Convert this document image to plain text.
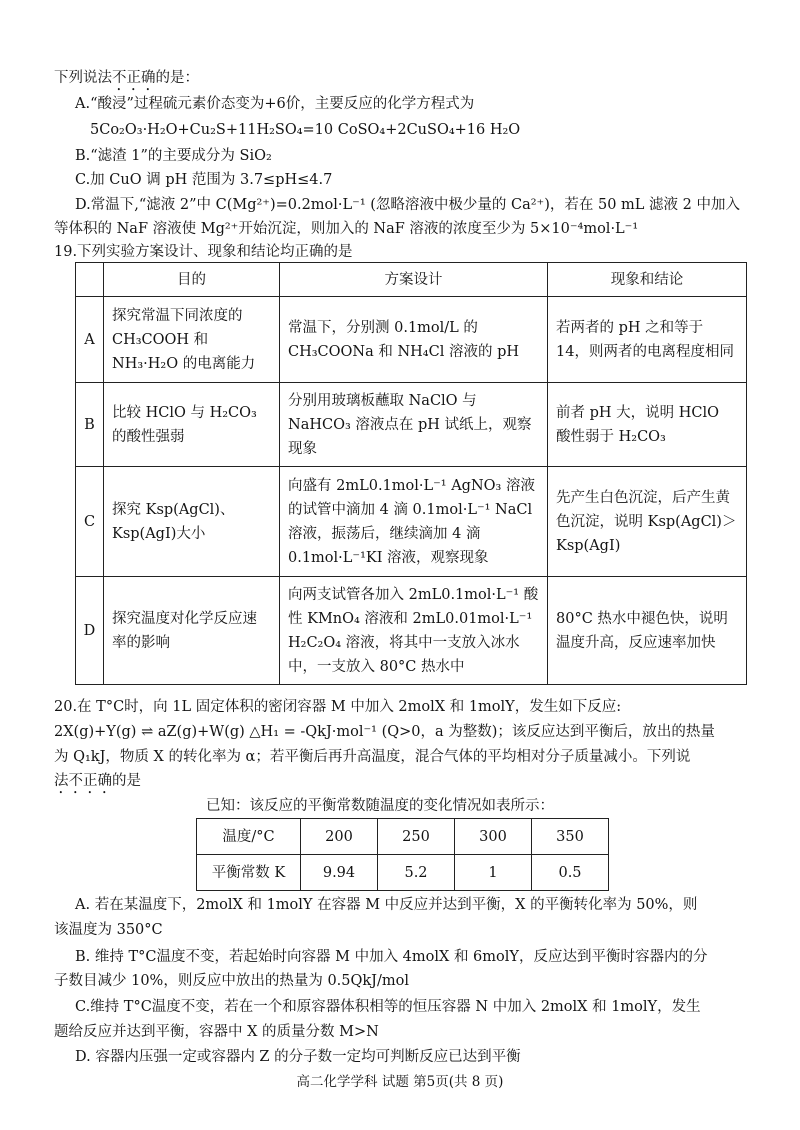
下列说法不正确的是：
A.“酸浸”过程硫元素价态变为+6价，主要反应的化学方程式为
5Co₂O₃·H₂O+Cu₂S+11H₂SO₄=10 CoSO₄+2CuSO₄+16 H₂O
B.“滤渣 1”的主要成分为 SiO₂
C.加 CuO 调 pH 范围为 3.7≤pH≤4.7
D.常温下,“滤液 2”中 C(Mg²⁺)=0.2mol·L⁻¹ (忽略溶液中极少量的 Ca²⁺)，若在 50 mL 滤液 2 中加入
等体积的 NaF 溶液使 Mg²⁺开始沉淀，则加入的 NaF 溶液的浓度至少为 5×10⁻⁴mol·L⁻¹
19.下列实验方案设计、现象和结论均正确的是
	目的	方案设计	现象和结论
A	探究常温下同浓度的 CH₃COOH 和 NH₃·H₂O 的电离能力	常温下，分别测 0.1mol/L 的 CH₃COONa 和 NH₄Cl 溶液的 pH	若两者的 pH 之和等于 14，则两者的电离程度相同
B	比较 HClO 与 H₂CO₃ 的酸性强弱	分别用玻璃板蘸取 NaClO 与 NaHCO₃ 溶液点在 pH 试纸上，观察现象	前者 pH 大，说明 HClO 酸性弱于 H₂CO₃
C	探究 Ksp(AgCl)、Ksp(AgI)大小	向盛有 2mL0.1mol·L⁻¹ AgNO₃ 溶液的试管中滴加 4 滴 0.1mol·L⁻¹ NaCl 溶液，振荡后，继续滴加 4 滴 0.1mol·L⁻¹KI 溶液，观察现象	先产生白色沉淀，后产生黄色沉淀，说明 Ksp(AgCl)＞Ksp(AgI)
D	探究温度对化学反应速率的影响	向两支试管各加入 2mL0.1mol·L⁻¹ 酸性 KMnO₄ 溶液和 2mL0.01mol·L⁻¹ H₂C₂O₄ 溶液，将其中一支放入冰水中，一支放入 80°C 热水中	80°C 热水中褪色快，说明温度升高，反应速率加快
20.在 T°C时，向 1L 固定体积的密闭容器 M 中加入 2molX 和 1molY，发生如下反应:
2X(g)+Y(g) ⇌ aZ(g)+W(g) △H₁ = -QkJ·mol⁻¹ (Q>0，a 为整数)；该反应达到平衡后，放出的热量
为 Q₁kJ，物质 X 的转化率为 α；若平衡后再升高温度，混合气体的平均相对分子质量减小。下列说
法不正确的是
已知：该反应的平衡常数随温度的变化情况如表所示：
温度/°C	200	250	300	350
平衡常数 K	9.94	5.2	1	0.5
A. 若在某温度下，2molX 和 1molY 在容器 M 中反应并达到平衡，X 的平衡转化率为 50%，则
该温度为 350°C
B. 维持 T°C温度不变，若起始时向容器 M 中加入 4molX 和 6molY，反应达到平衡时容器内的分
子数目减少 10%，则反应中放出的热量为 0.5QkJ/mol
C.维持 T°C温度不变，若在一个和原容器体积相等的恒压容器 N 中加入 2molX 和 1molY，发生
题给反应并达到平衡，容器中 X 的质量分数 M>N
D. 容器内压强一定或容器内 Z 的分子数一定均可判断反应已达到平衡
高二化学学科 试题 第5页(共 8 页)
